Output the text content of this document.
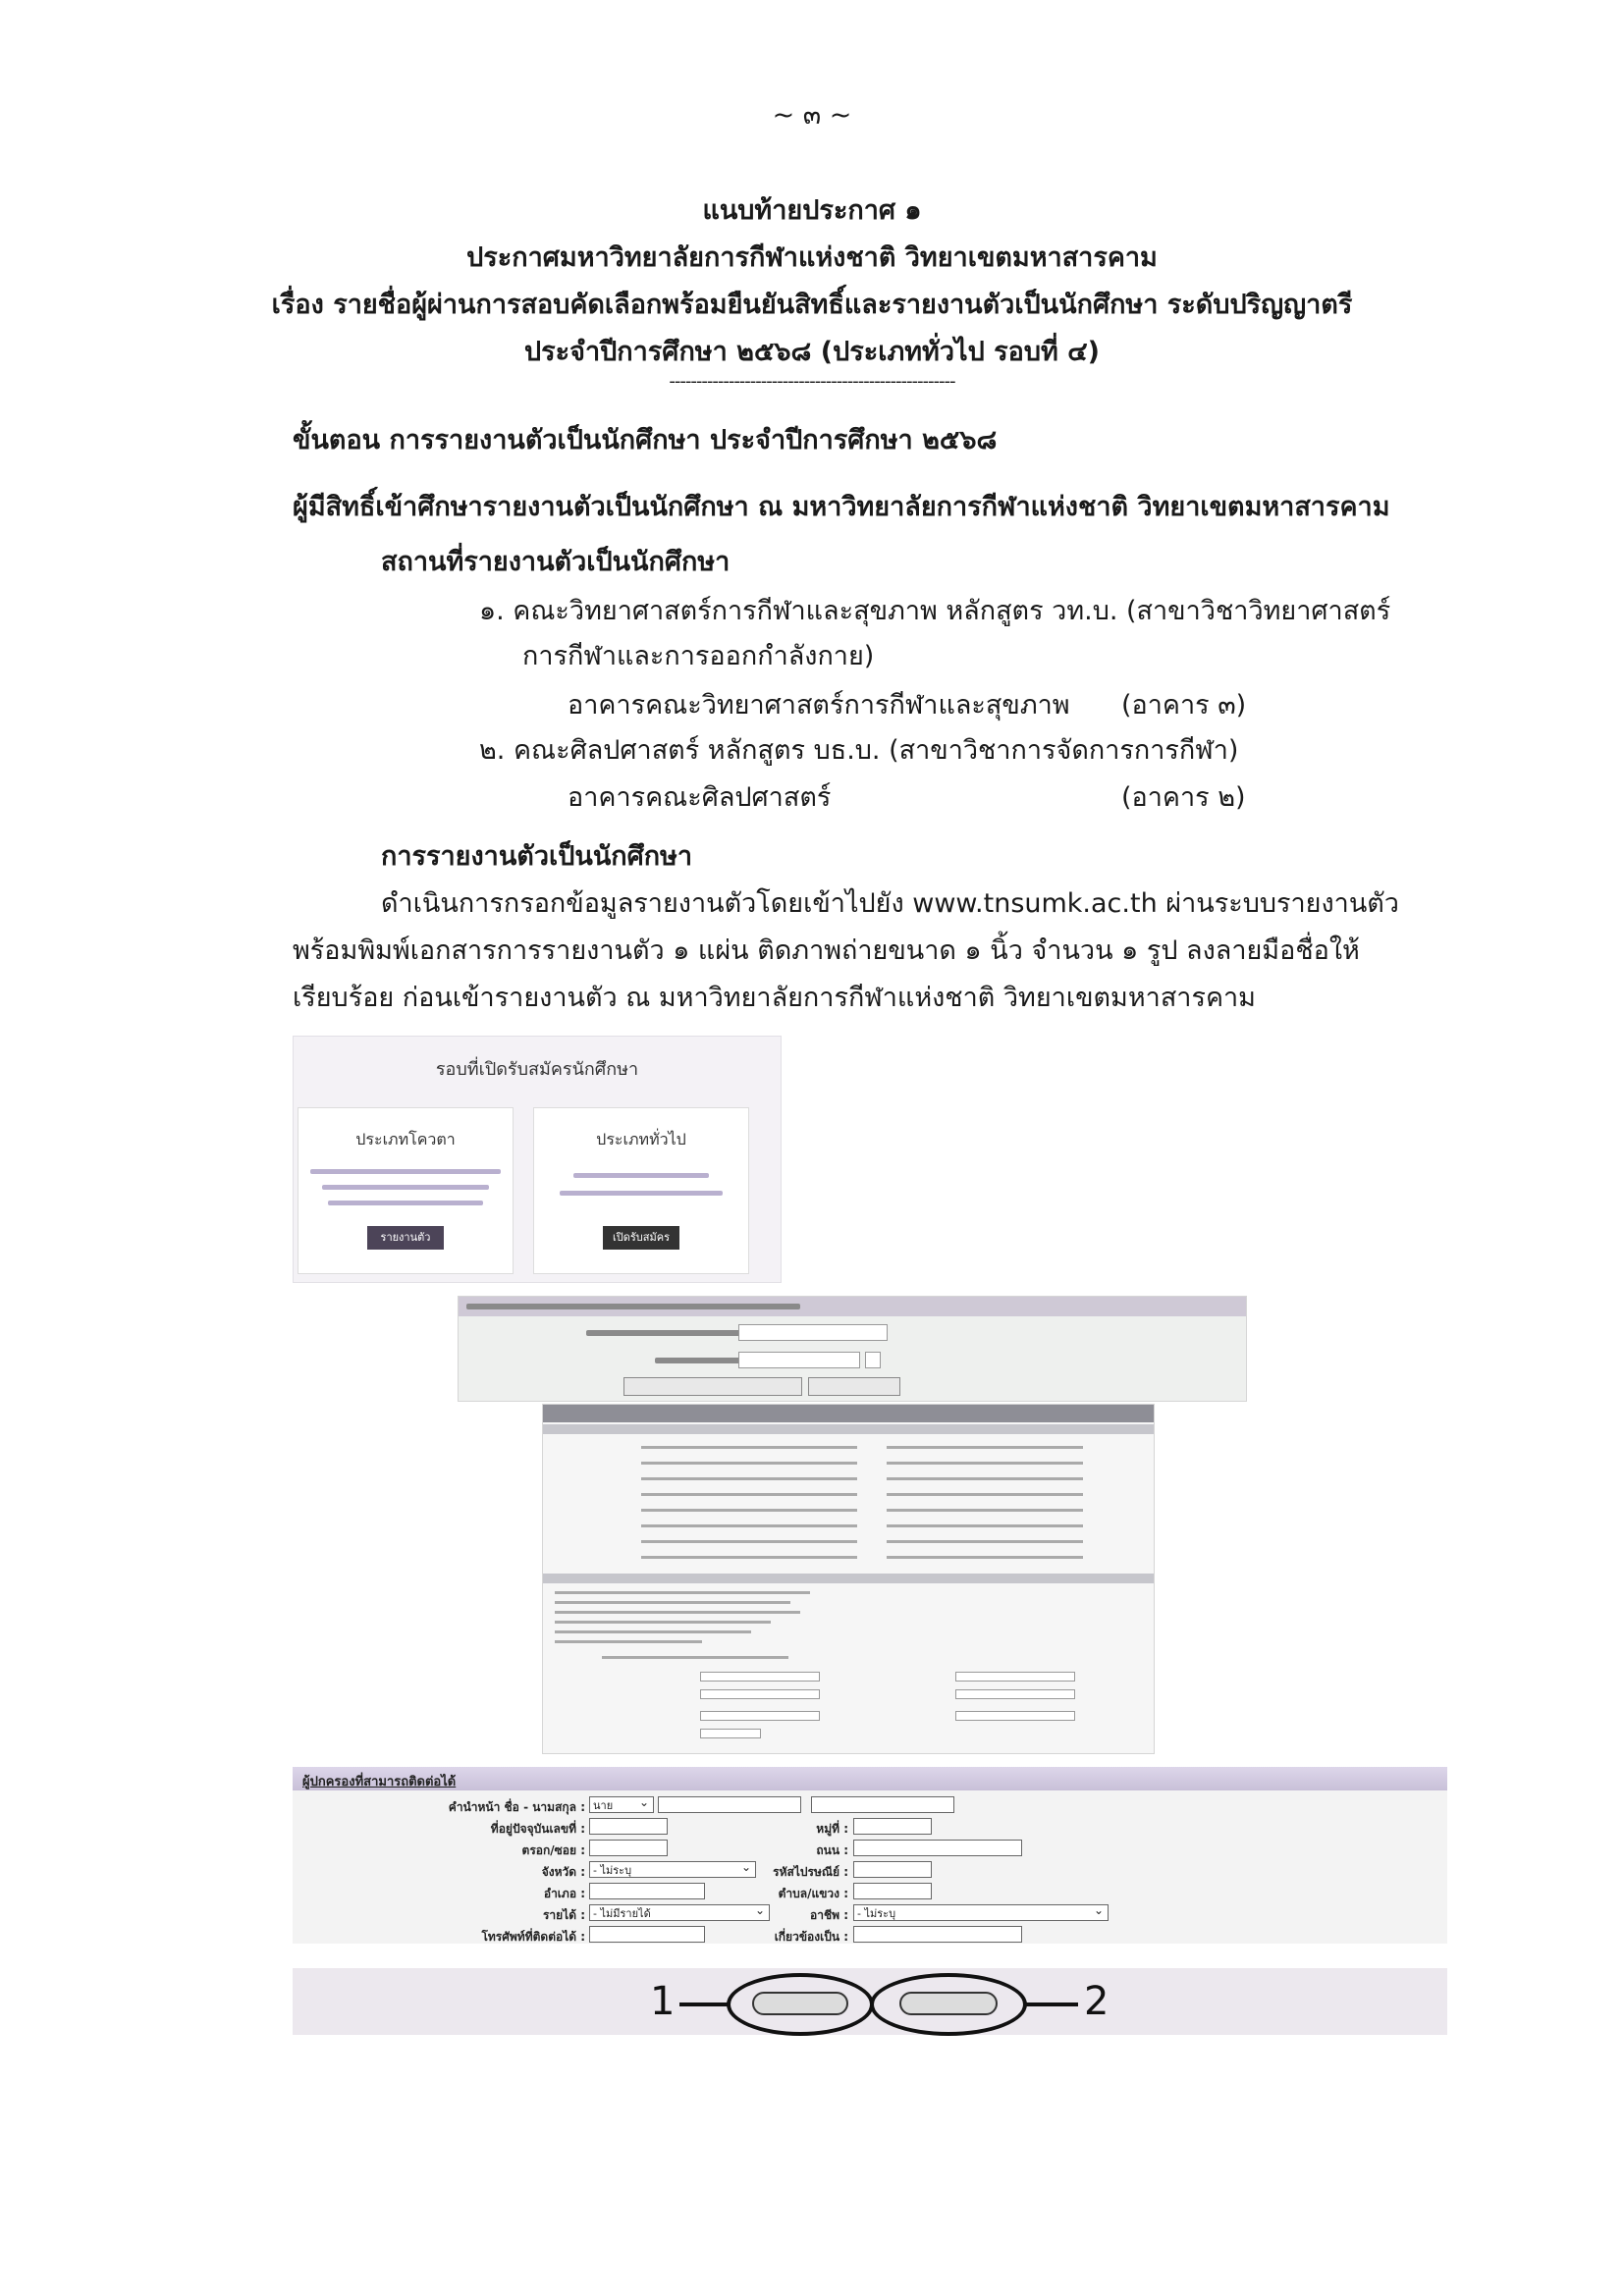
~ ๓ ~
แนบท้ายประกาศ ๑
ประกาศมหาวิทยาลัยการกีฬาแห่งชาติ วิทยาเขตมหาสารคาม
เรื่อง รายชื่อผู้ผ่านการสอบคัดเลือกพร้อมยืนยันสิทธิ์และรายงานตัวเป็นนักศึกษา ระดับปริญญาตรี
ประจำปีการศึกษา ๒๕๖๘ (ประเภททั่วไป รอบที่ ๔)
-----------------------------------------------------
ขั้นตอน การรายงานตัวเป็นนักศึกษา ประจำปีการศึกษา ๒๕๖๘
ผู้มีสิทธิ์เข้าศึกษารายงานตัวเป็นนักศึกษา ณ มหาวิทยาลัยการกีฬาแห่งชาติ วิทยาเขตมหาสารคาม
สถานที่รายงานตัวเป็นนักศึกษา
๑. คณะวิทยาศาสตร์การกีฬาและสุขภาพ หลักสูตร วท.บ. (สาขาวิชาวิทยาศาสตร์
การกีฬาและการออกกำลังกาย)
อาคารคณะวิทยาศาสตร์การกีฬาและสุขภาพ (อาคาร ๓)
๒. คณะศิลปศาสตร์ หลักสูตร บธ.บ. (สาขาวิชาการจัดการการกีฬา)
อาคารคณะศิลปศาสตร์	(อาคาร ๒)
การรายงานตัวเป็นนักศึกษา
ดำเนินการกรอกข้อมูลรายงานตัวโดยเข้าไปยัง www.tnsumk.ac.th ผ่านระบบรายงานตัว
พร้อมพิมพ์เอกสารการรายงานตัว ๑ แผ่น ติดภาพถ่ายขนาด ๑ นิ้ว จำนวน ๑ รูป ลงลายมือชื่อให้
เรียบร้อย ก่อนเข้ารายงานตัว ณ มหาวิทยาลัยการกีฬาแห่งชาติ วิทยาเขตมหาสารคาม
รอบที่เปิดรับสมัครนักศึกษา
ประเภทโควตา
รายงานตัว
ประเภททั่วไป
เปิดรับสมัคร
ผู้ปกครองที่สามารถติดต่อได้
คำนำหน้า ชื่อ - นามสกุล : นาย ⌄
ที่อยู่ปัจจุบันเลขที่ :
ตรอก/ซอย :
จังหวัด : - ไม่ระบุ ⌄
อำเภอ :
รายได้ : - ไม่มีรายได้ ⌄
โทรศัพท์ที่ติดต่อได้ :
หมู่ที่ :
ถนน :
รหัสไปรษณีย์ :
ตำบล/แขวง :
อาชีพ : - ไม่ระบุ ⌄
เกี่ยวข้องเป็น :
1	2
